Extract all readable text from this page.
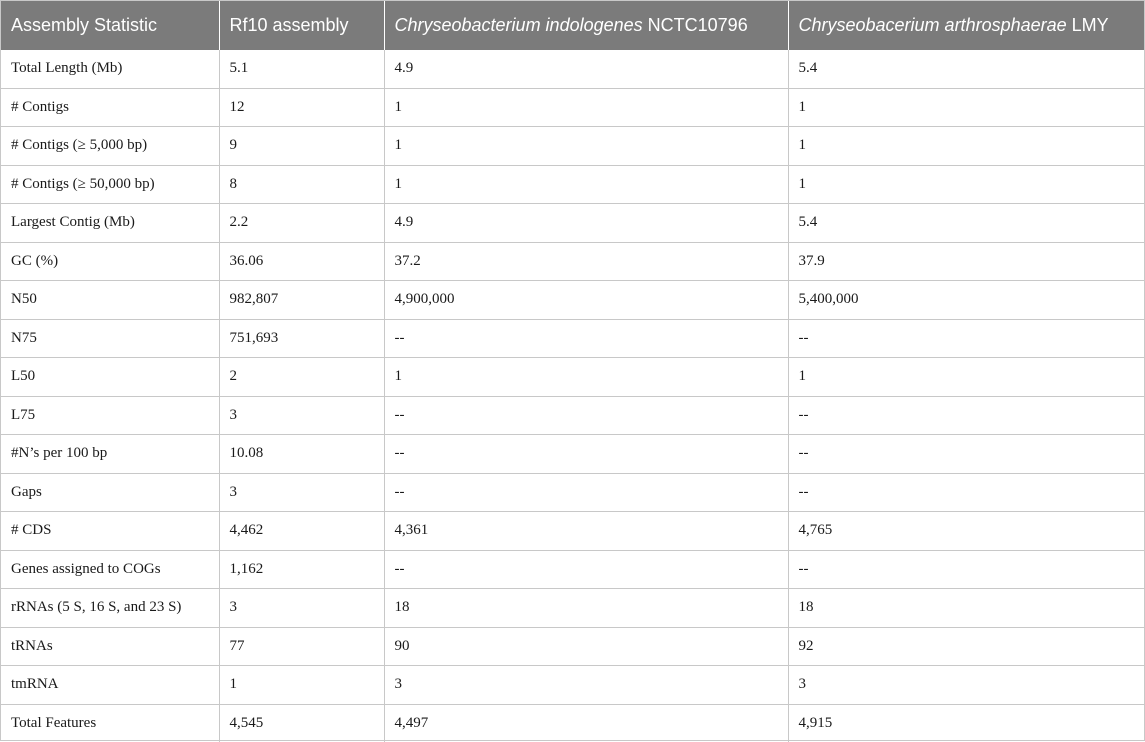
Assembly Statistic	Rf10 assembly	Chryseobacterium indologenes NCTC10796	Chryseobacerium arthrosphaerae LMY
Total Length (Mb)	5.1	4.9	5.4
# Contigs	12	1	1
# Contigs (≥ 5,000 bp)	9	1	1
# Contigs (≥ 50,000 bp)	8	1	1
Largest Contig (Mb)	2.2	4.9	5.4
GC (%)	36.06	37.2	37.9
N50	982,807	4,900,000	5,400,000
N75	751,693	--	--
L50	2	1	1
L75	3	--	--
#N’s per 100 bp	10.08	--	--
Gaps	3	--	--
# CDS	4,462	4,361	4,765
Genes assigned to COGs	1,162	--	--
rRNAs (5 S, 16 S, and 23 S)	3	18	18
tRNAs	77	90	92
tmRNA	1	3	3
Total Features	4,545	4,497	4,915
